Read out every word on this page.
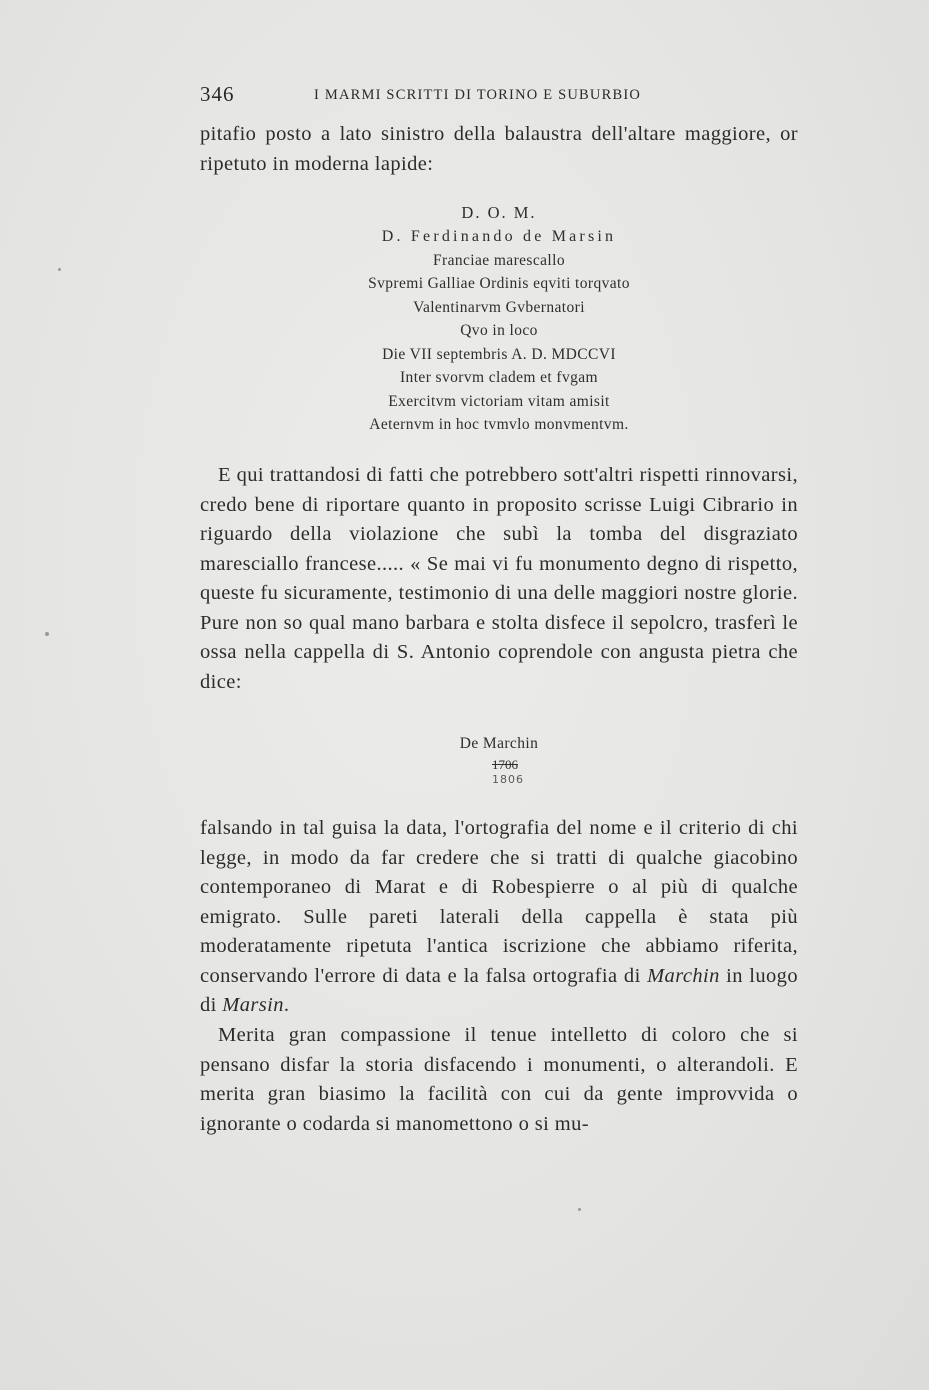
346	I MARMI SCRITTI DI TORINO E SUBURBIO

pitafio posto a lato sinistro della balaustra dell'altare maggiore, or ripetuto in moderna lapide:

D. O. M.
D. Ferdinando de Marsin
Franciae marescallo
Svpremi Galliae Ordinis eqviti torqvato
Valentinarvm Gvbernatori
Qvo in loco
Die VII septembris A. D. MDCCVI
Inter svorvm cladem et fvgam
Exercitvm victoriam vitam amisit
Aeternvm in hoc tvmvlo monvmentvm.

E qui trattandosi di fatti che potrebbero sott'altri rispetti rinnovarsi, credo bene di riportare quanto in proposito scrisse Luigi Cibrario in riguardo della violazione che subì la tomba del disgraziato maresciallo francese..... « Se mai vi fu monumento degno di rispetto, queste fu sicuramente, testimonio di una delle maggiori nostre glorie. Pure non so qual mano barbara e stolta disfece il sepolcro, trasferì le ossa nella cappella di S. Antonio coprendole con angusta pietra che dice:

De Marchin
1706
1806

falsando in tal guisa la data, l'ortografia del nome e il criterio di chi legge, in modo da far credere che si tratti di qualche giacobino contemporaneo di Marat e di Robespierre o al più di qualche emigrato. Sulle pareti laterali della cappella è stata più moderatamente ripetuta l'antica iscrizione che abbiamo riferita, conservando l'errore di data e la falsa ortografia di Marchin in luogo di Marsin.

Merita gran compassione il tenue intelletto di coloro che si pensano disfar la storia disfacendo i monumenti, o alterandoli. E merita gran biasimo la facilità con cui da gente improvvida o ignorante o codarda si manomettono o si mu-
